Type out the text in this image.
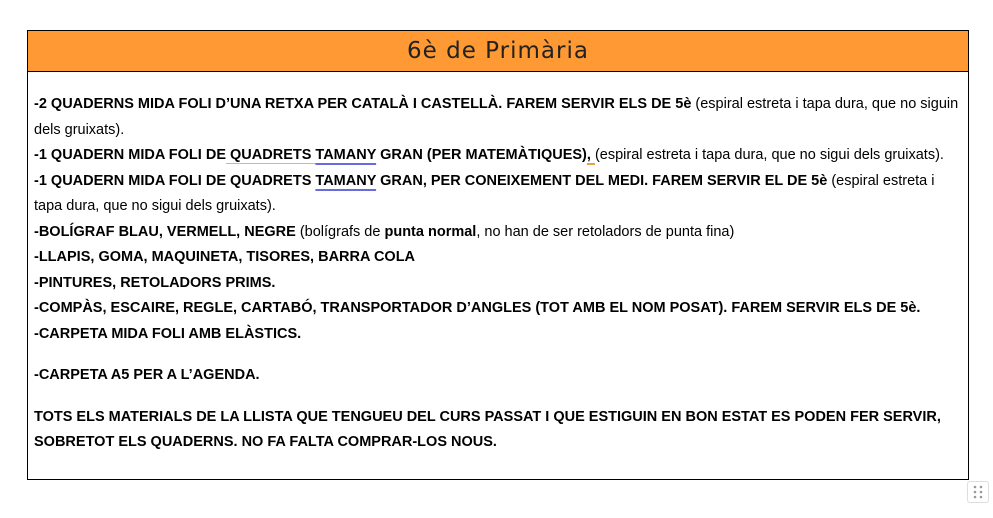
6è de Primària

-2 QUADERNS MIDA FOLI D’UNA RETXA PER CATALÀ I CASTELLÀ. FAREM SERVIR ELS DE 5è (espiral estreta i tapa dura, que no siguin dels gruixats).

-1 QUADERN MIDA FOLI DE QUADRETS TAMANY GRAN (PER MATEMÀTIQUES), (espiral estreta i tapa dura, que no sigui dels gruixats).

-1 QUADERN MIDA FOLI DE QUADRETS TAMANY GRAN, PER CONEIXEMENT DEL MEDI. FAREM SERVIR EL DE 5è (espiral estreta i tapa dura, que no sigui dels gruixats).

-BOLÍGRAF BLAU, VERMELL, NEGRE (bolígrafs de punta normal, no han de ser retoladors de punta fina)

-LLAPIS, GOMA, MAQUINETA, TISORES, BARRA COLA

-PINTURES, RETOLADORS PRIMS.

-COMPÀS, ESCAIRE, REGLE, CARTABÓ, TRANSPORTADOR D’ANGLES (TOT AMB EL NOM POSAT). FAREM SERVIR ELS DE 5è.

-CARPETA MIDA FOLI AMB ELÀSTICS.

-CARPETA A5 PER A L’AGENDA.

TOTS ELS MATERIALS DE LA LLISTA QUE TENGUEU DEL CURS PASSAT I QUE ESTIGUIN EN BON ESTAT ES PODEN FER SERVIR, SOBRETOT ELS QUADERNS. NO FA FALTA COMPRAR-LOS NOUS.
